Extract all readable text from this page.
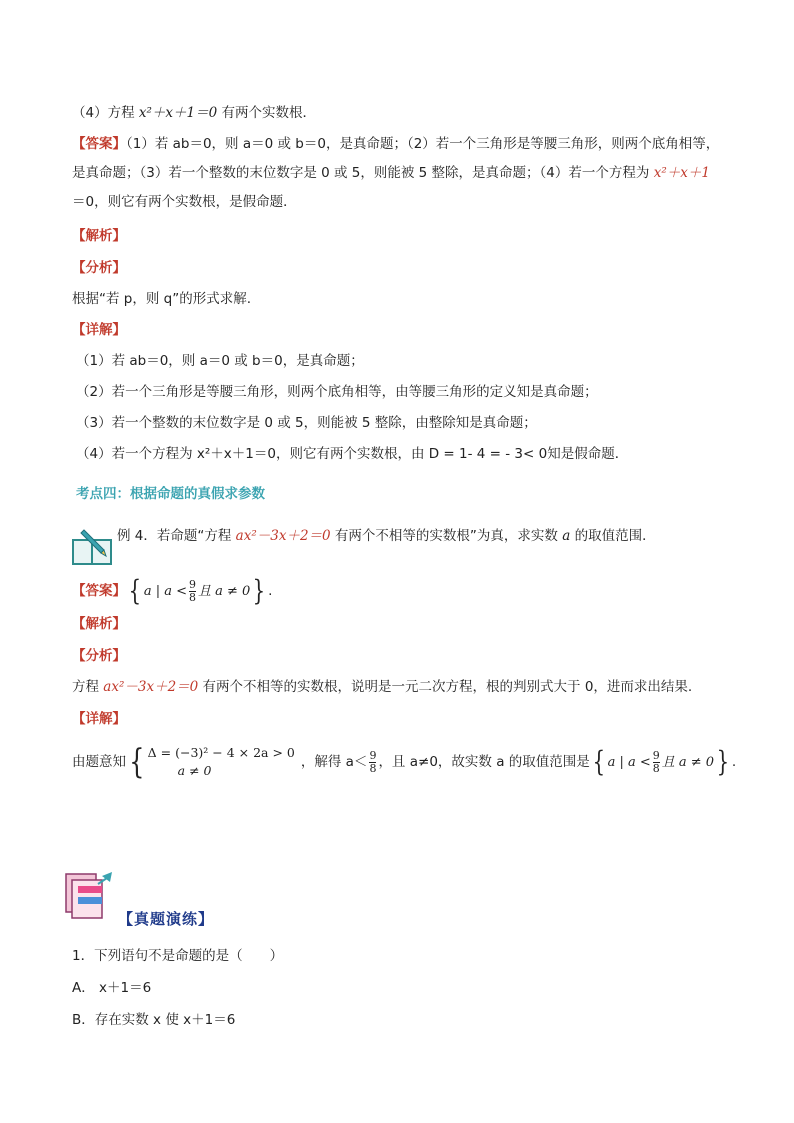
（4）方程 x²＋x＋1＝0 有两个实数根．
【答案】（1）若 ab＝0，则 a＝0 或 b＝0，是真命题；（2）若一个三角形是等腰三角形，则两个底角相等，
是真命题；（3）若一个整数的末位数字是 0 或 5，则能被 5 整除，是真命题；（4）若一个方程为 x²＋x＋1
＝0，则它有两个实数根，是假命题．
【解析】
【分析】
根据“若 p，则 q”的形式求解.
【详解】
（1）若 ab＝0，则 a＝0 或 b＝0，是真命题；
（2）若一个三角形是等腰三角形，则两个底角相等，由等腰三角形的定义知是真命题；
（3）若一个整数的末位数字是 0 或 5，则能被 5 整除，由整除知是真命题；
（4）若一个方程为 x²＋x＋1＝0，则它有两个实数根，由 D = 1- 4 = - 3< 0知是假命题．
考点四：根据命题的真假求参数
例 4．若命题“方程 ax²－3x＋2＝0 有两个不相等的实数根”为真，求实数 a 的取值范围．
【答案】{ a | $a < \frac{9}{8}$ 且 a ≠ 0} .
【解析】
【分析】
方程 ax²－3x＋2＝0 有两个不相等的实数根，说明是一元二次方程，根的判别式大于 0，进而求出结果.
【详解】
由题意知{ Δ = (−3)² − 4 × 2a > 0
a ≠ 0
，解得 $a< \frac{9}{8}$ ，且 a≠0，故实数 a 的取值范围是{ a | $a < \frac{9}{8}$ 且 a ≠ 0} .
【真题演练】
1．下列语句不是命题的是（　　）
A． x＋1＝6
B．存在实数 x 使 x＋1＝6
